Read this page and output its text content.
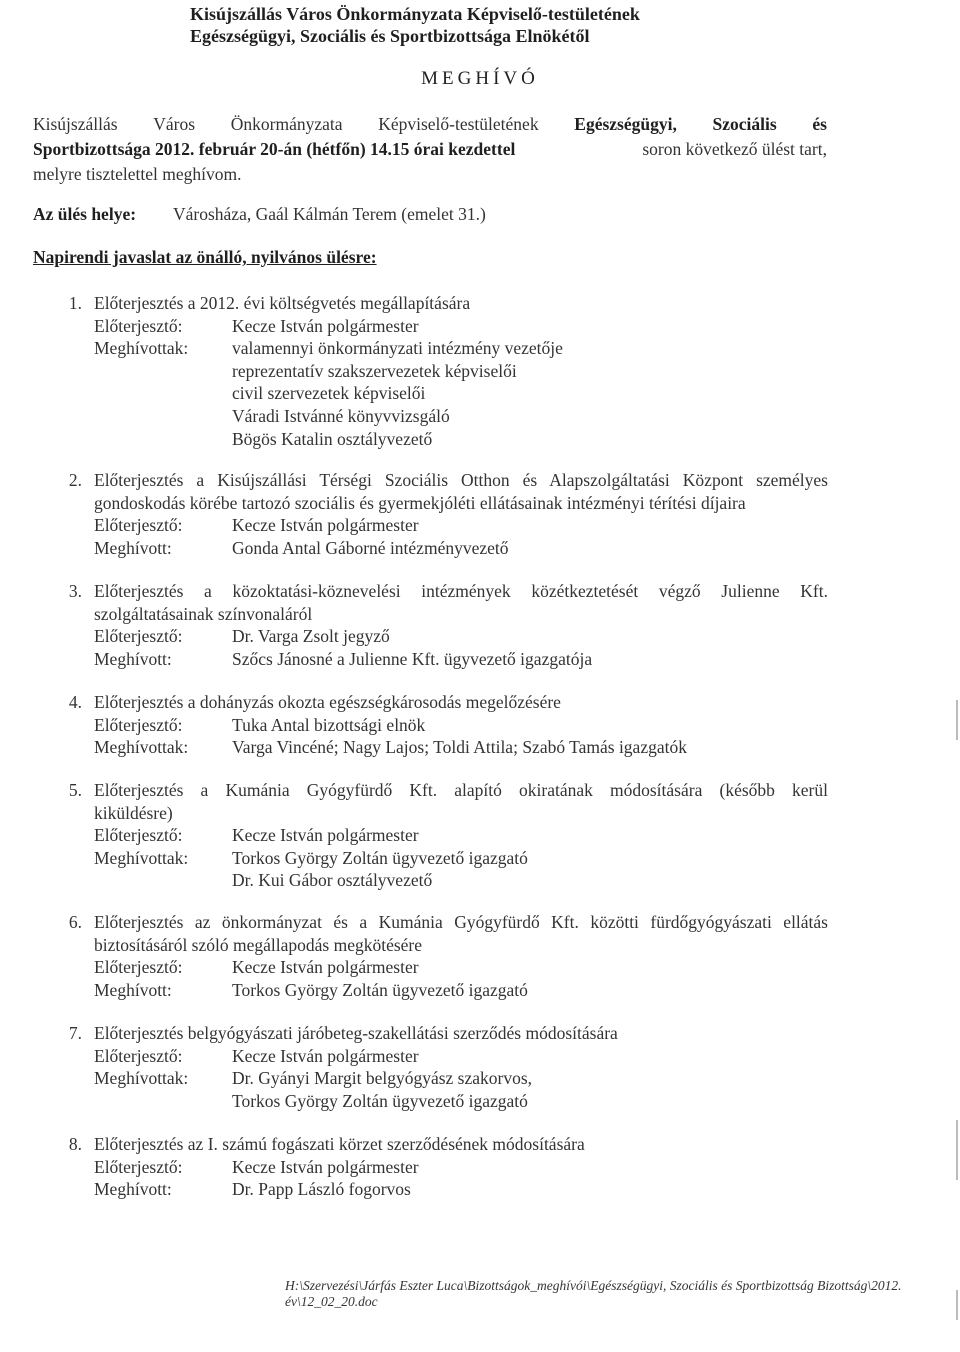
Kisújszállás Város Önkormányzata Képviselő-testületének
Egészségügyi, Szociális és Sportbizottsága Elnökétől
MEGHÍVÓ
Kisújszállás Város Önkormányzata Képviselő-testületének Egészségügyi, Szociális és
Sportbizottsága 2012. február 20-án (hétfőn) 14.15 órai kezdettel	soron következő ülést tart,
melyre tisztelettel meghívom.
Az ülés helye: Városháza, Gaál Kálmán Terem (emelet 31.)
Napirendi javaslat az önálló, nyilvános ülésre:
1. Előterjesztés a 2012. évi költségvetés megállapítására
Előterjesztő:	Kecze István polgármester
Meghívottak:	valamennyi önkormányzati intézmény vezetője
reprezentatív szakszervezetek képviselői
civil szervezetek képviselői
Váradi Istvánné könyvvizsgáló
Bögös Katalin osztályvezető
2. Előterjesztés a Kisújszállási Térségi Szociális Otthon és Alapszolgáltatási Központ személyes
gondoskodás körébe tartozó szociális és gyermekjóléti ellátásainak intézményi térítési díjaira
Előterjesztő:	Kecze István polgármester
Meghívott:	Gonda Antal Gáborné intézményvezető
3. Előterjesztés a közoktatási-köznevelési intézmények közétkeztetését végző Julienne Kft.
szolgáltatásainak színvonaláról
Előterjesztő:	Dr. Varga Zsolt jegyző
Meghívott:	Szőcs Jánosné a Julienne Kft. ügyvezető igazgatója
4. Előterjesztés a dohányzás okozta egészségkárosodás megelőzésére
Előterjesztő:	Tuka Antal bizottsági elnök
Meghívottak:	Varga Vincéné; Nagy Lajos; Toldi Attila; Szabó Tamás igazgatók
5. Előterjesztés a Kumánia Gyógyfürdő Kft. alapító okiratának módosítására (később kerül
kiküldésre)
Előterjesztő:	Kecze István polgármester
Meghívottak:	Torkos György Zoltán ügyvezető igazgató
Dr. Kui Gábor osztályvezető
6. Előterjesztés az önkormányzat és a Kumánia Gyógyfürdő Kft. közötti fürdőgyógyászati ellátás
biztosításáról szóló megállapodás megkötésére
Előterjesztő:	Kecze István polgármester
Meghívott:	Torkos György Zoltán ügyvezető igazgató
7. Előterjesztés belgyógyászati járóbeteg-szakellátási szerződés módosítására
Előterjesztő:	Kecze István polgármester
Meghívottak:	Dr. Gyányi Margit belgyógyász szakorvos,
Torkos György Zoltán ügyvezető igazgató
8. Előterjesztés az I. számú fogászati körzet szerződésének módosítására
Előterjesztő:	Kecze István polgármester
Meghívott:	Dr. Papp László fogorvos
H:\Szervezési\Járfás Eszter Luca\Bizottságok_meghívói\Egészségügyi, Szociális és Sportbizottság Bizottság\2012. év\12_02_20.doc
